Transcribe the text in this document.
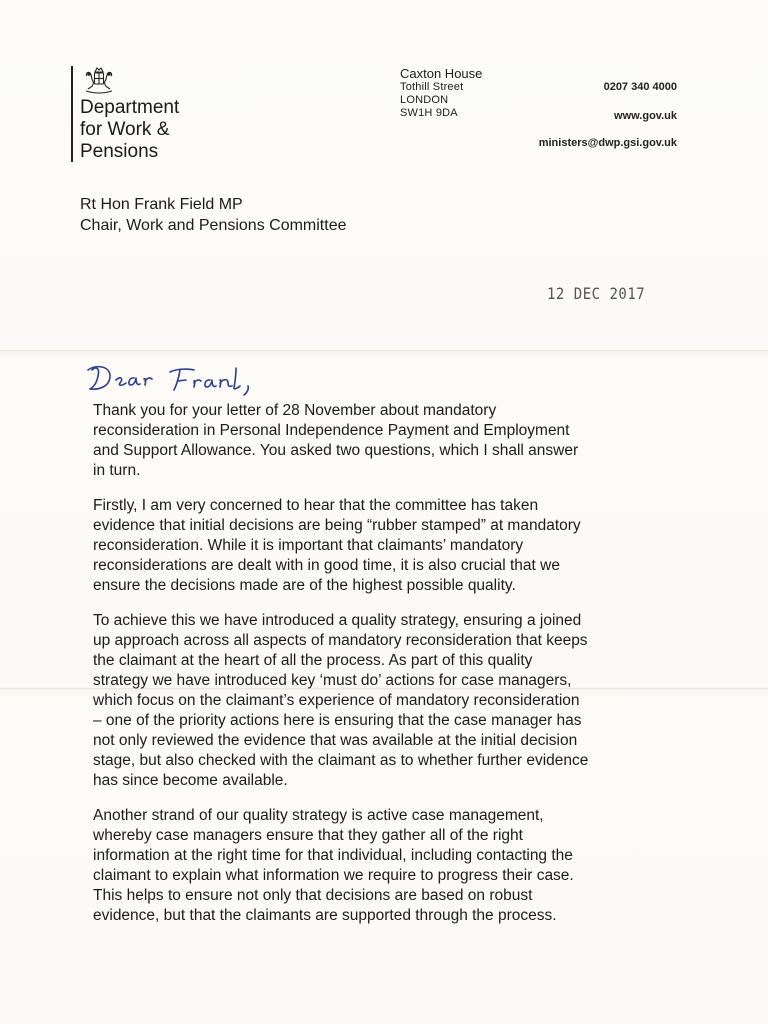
Department
for Work &
Pensions
Caxton House
Tothill Street
LONDON
SW1H 9DA
0207 340 4000
www.gov.uk
ministers@dwp.gsi.gov.uk
Rt Hon Frank Field MP
Chair, Work and Pensions Committee
12 DEC 2017

Thank you for your letter of 28 November about mandatory
reconsideration in Personal Independence Payment and Employment
and Support Allowance. You asked two questions, which I shall answer
in turn.

Firstly, I am very concerned to hear that the committee has taken
evidence that initial decisions are being “rubber stamped” at mandatory
reconsideration. While it is important that claimants’ mandatory
reconsiderations are dealt with in good time, it is also crucial that we
ensure the decisions made are of the highest possible quality.

To achieve this we have introduced a quality strategy, ensuring a joined
up approach across all aspects of mandatory reconsideration that keeps
the claimant at the heart of all the process. As part of this quality
strategy we have introduced key ‘must do’ actions for case managers,
which focus on the claimant’s experience of mandatory reconsideration
– one of the priority actions here is ensuring that the case manager has
not only reviewed the evidence that was available at the initial decision
stage, but also checked with the claimant as to whether further evidence
has since become available.

Another strand of our quality strategy is active case management,
whereby case managers ensure that they gather all of the right
information at the right time for that individual, including contacting the
claimant to explain what information we require to progress their case.
This helps to ensure not only that decisions are based on robust
evidence, but that the claimants are supported through the process.
